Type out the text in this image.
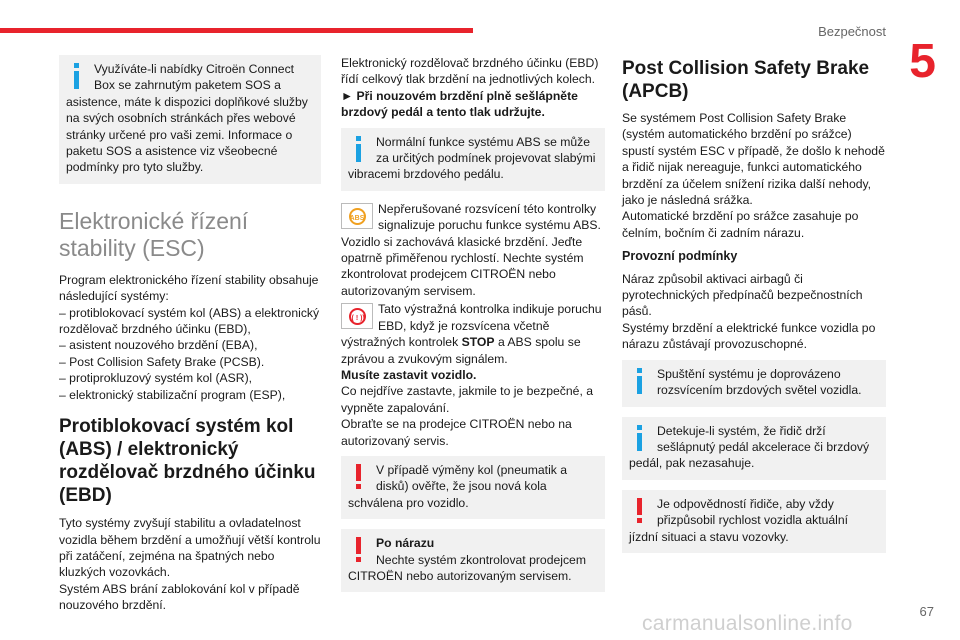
Bezpečnost
5

Využíváte-li nabídky Citroën Connect Box se zahrnutým paketem SOS a asistence, máte k dispozici doplňkové služby na svých osobních stránkách přes webové stránky určené pro vaši zemi. Informace o paketu SOS a asistence viz všeobecné podmínky pro tyto služby.

Elektronické řízení stability (ESC)

Program elektronického řízení stability obsahuje následující systémy:

– protiblokovací systém kol (ABS) a elektronický rozdělovač brzdného účinku (EBD),

– asistent nouzového brzdění (EBA),

– Post Collision Safety Brake (PCSB).

– protiprokluzový systém kol (ASR),

– elektronický stabilizační program (ESP),

Protiblokovací systém kol (ABS) / elektronický rozdělovač brzdného účinku (EBD)

Tyto systémy zvyšují stabilitu a ovladatelnost vozidla během brzdění a umožňují větší kontrolu při zatáčení, zejména na špatných nebo kluzkých vozovkách.

Systém ABS brání zablokování kol v případě nouzového brzdění.

Elektronický rozdělovač brzdného účinku (EBD) řídí celkový tlak brzdění na jednotlivých kolech.

► Při nouzovém brzdění plně sešlápněte brzdový pedál a tento tlak udržujte.

Normální funkce systému ABS se může za určitých podmínek projevovat slabými vibracemi brzdového pedálu.

ABS

Nepřerušované rozsvícení této kontrolky signalizuje poruchu funkce systému ABS. Vozidlo si zachovává klasické brzdění. Jeďte opatrně přiměřenou rychlostí. Nechte systém zkontrolovat prodejcem CITROËN nebo autorizovaným servisem.

(( ! ))

Tato výstražná kontrolka indikuje poruchu EBD, když je rozsvícena včetně výstražných kontrolek STOP a ABS spolu se zprávou a zvukovým signálem.

Musíte zastavit vozidlo.

Co nejdříve zastavte, jakmile to je bezpečné, a vypněte zapalování.

Obraťte se na prodejce CITROËN nebo na autorizovaný servis.

V případě výměny kol (pneumatik a disků) ověřte, že jsou nová kola schválena pro vozidlo.

Po nárazu

Nechte systém zkontrolovat prodejcem CITROËN nebo autorizovaným servisem.

Post Collision Safety Brake (APCB)

Se systémem Post Collision Safety Brake (systém automatického brzdění po srážce) spustí systém ESC v případě, že došlo k nehodě a řidič nijak nereaguje, funkci automatického brzdění za účelem snížení rizika další nehody, jako je následná srážka.

Automatické brzdění po srážce zasahuje po čelním, bočním či zadním nárazu.

Provozní podmínky

Náraz způsobil aktivaci airbagů či pyrotechnických předpínačů bezpečnostních pásů.

Systémy brzdění a elektrické funkce vozidla po nárazu zůstávají provozuschopné.

Spuštění systému je doprovázeno rozsvícením brzdových světel vozidla.

Detekuje-li systém, že řidič drží sešlápnutý pedál akcelerace či brzdový pedál, pak nezasahuje.

Je odpovědností řidiče, aby vždy přizpůsobil rychlost vozidla aktuální jízdní situaci a stavu vozovky.

67
carmanualsonline.info
